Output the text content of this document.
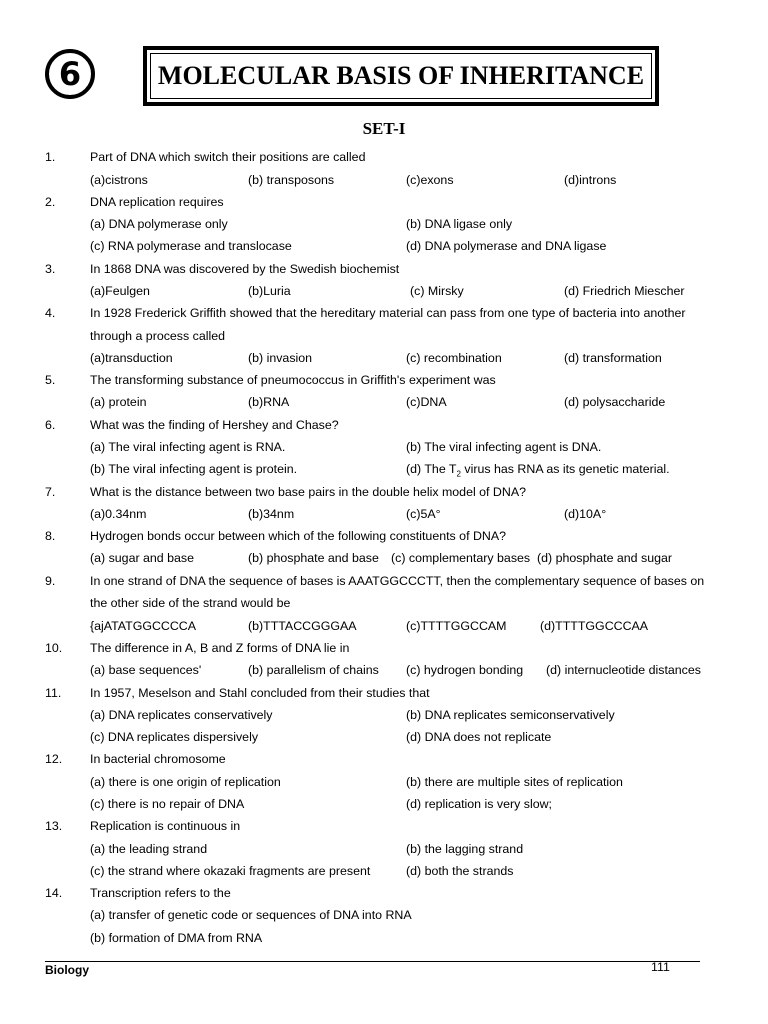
6	MOLECULAR BASIS OF INHERITANCE
SET-I
1.	Part of DNA which switch their positions are called
(a)cistrons	(b) transposons	(c)exons	(d)introns
2.	DNA replication requires
(a) DNA polymerase only	(b) DNA ligase only
(c) RNA polymerase and translocase	(d) DNA polymerase and DNA ligase
3.	In 1868 DNA was discovered by the Swedish biochemist
(a)Feulgen	(b)Luria	(c) Mirsky	(d) Friedrich Miescher
4.	In 1928 Frederick Griffith showed that the hereditary material can pass from one type of bacteria into another
through a process called
(a)transduction	(b) invasion	(c) recombination	(d) transformation
5.	The transforming substance of pneumococcus in Griffith's experiment was
(a) protein	(b)RNA	(c)DNA	(d) polysaccharide
6.	What was the finding of Hershey and Chase?
(a) The viral infecting agent is RNA.	(b) The viral infecting agent is DNA.
(b) The viral infecting agent is protein.	(d) The $T_2$ virus has RNA as its genetic material.
7.	What is the distance between two base pairs in the double helix model of DNA?
(a)0.34nm	(b)34nm	(c)5A°	(d)10A°
8.	Hydrogen bonds occur between which of the following constituents of DNA?
(a) sugar and base	(b) phosphate and base (c) complementary bases (d) phosphate and sugar
9.	In one strand of DNA the sequence of bases is AAATGGCCCTT, then the complementary sequence of bases on
the other side of the strand would be
{ajATATGGCCCCA	(b)TTTACCGGGAA	(c)TTTTGGCCAM	(d)TTTTGGCCCAA
10. The difference in A, B and Z forms of DNA lie in
(a) base sequences'	(b) parallelism of chains (c) hydrogen bonding (d) internucleotide distances
11. In 1957, Meselson and Stahl concluded from their studies that
(a) DNA replicates conservatively	(b) DNA replicates semiconservatively
(c) DNA replicates dispersively	(d) DNA does not replicate
12. In bacterial chromosome
(a) there is one origin of replication	(b) there are multiple sites of replication
(c) there is no repair of DNA	(d) replication is very slow;
13. Replication is continuous in
(a) the leading strand	(b) the lagging strand
(c) the strand where okazaki fragments are present	(d) both the strands
14. Transcription refers to the
(a) transfer of genetic code or sequences of DNA into RNA
(b) formation of DMA from RNA
Biology	111
